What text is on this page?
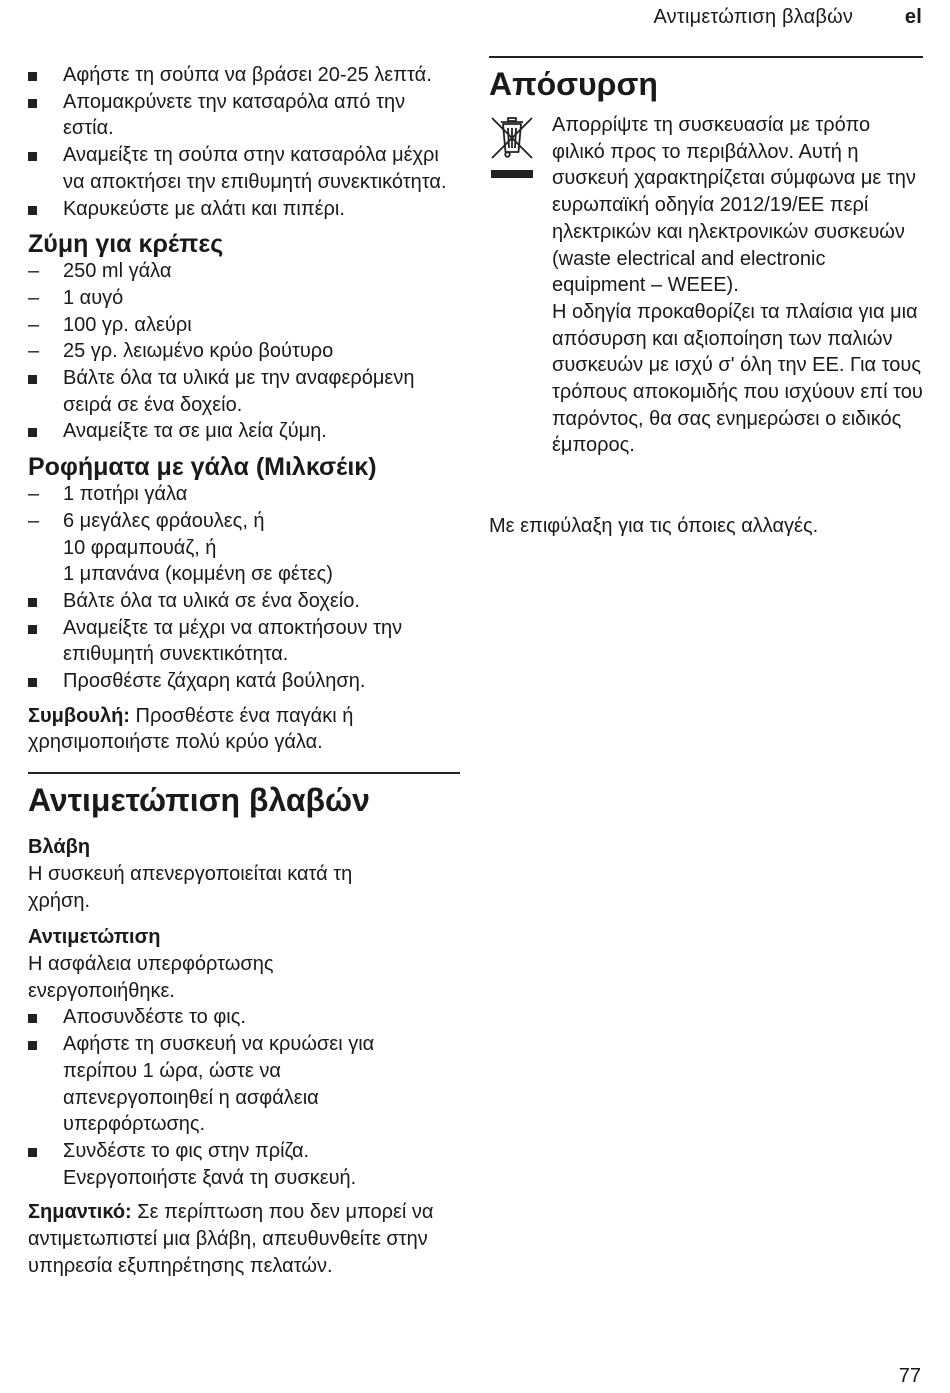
Αντιμετώπιση βλαβών	el
Αφήστε τη σούπα να βράσει 20-25 λεπτά.
Απομακρύνετε την κατσαρόλα από την εστία.
Αναμείξτε τη σούπα στην κατσαρόλα μέχρι να αποκτήσει την επιθυμητή συνεκτικότητα.
Καρυκεύστε με αλάτι και πιπέρι.
Ζύμη για κρέπες
–	250 ml γάλα
–	1 αυγό
–	100 γρ. αλεύρι
–	25 γρ. λειωμένο κρύο βούτυρο
Βάλτε όλα τα υλικά με την αναφερόμενη σειρά σε ένα δοχείο.
Αναμείξτε τα σε μια λεία ζύμη.
Ροφήματα με γάλα (Μιλκσέικ)
–	1 ποτήρι γάλα
–	6 μεγάλες φράουλες, ή
10 φραμπουάζ, ή
1 μπανάνα (κομμένη σε φέτες)
Βάλτε όλα τα υλικά σε ένα δοχείο.
Αναμείξτε τα μέχρι να αποκτήσουν την επιθυμητή συνεκτικότητα.
Προσθέστε ζάχαρη κατά βούληση.
Συμβουλή: Προσθέστε ένα παγάκι ή χρησιμοποιήστε πολύ κρύο γάλα.
Αντιμετώπιση βλαβών
Βλάβη
Η συσκευή απενεργοποιείται κατά τη χρήση.
Αντιμετώπιση
Η ασφάλεια υπερφόρτωσης ενεργοποιήθηκε.
Αποσυνδέστε το φις.
Αφήστε τη συσκευή να κρυώσει για περίπου 1 ώρα, ώστε να απενεργοποιηθεί η ασφάλεια υπερφόρτωσης.
Συνδέστε το φις στην πρίζα.
Ενεργοποιήστε ξανά τη συσκευή.
Σημαντικό: Σε περίπτωση που δεν μπορεί να αντιμετωπιστεί μια βλάβη, απευθυνθείτε στην υπηρεσία εξυπηρέτησης πελατών.
Απόσυρση
Απορρίψτε τη συσκευασία με τρόπο φιλικό προς το περιβάλλον. Αυτή η συσκευή χαρακτηρίζεται σύμφωνα με την ευρωπαϊκή οδηγία 2012/19/ΕΕ περί ηλεκτρικών και ηλεκτρονικών συσκευών (waste electrical and electronic equipment – WEEE).
Η οδηγία προκαθορίζει τα πλαίσια για μια απόσυρση και αξιοποίηση των παλιών συσκευών με ισχύ σ' όλη την ΕΕ. Για τους τρόπους αποκομιδής που ισχύουν επί του παρόντος, θα σας ενημερώσει ο ειδικός έμπορος.
Με επιφύλαξη για τις όποιες αλλαγές.
77
